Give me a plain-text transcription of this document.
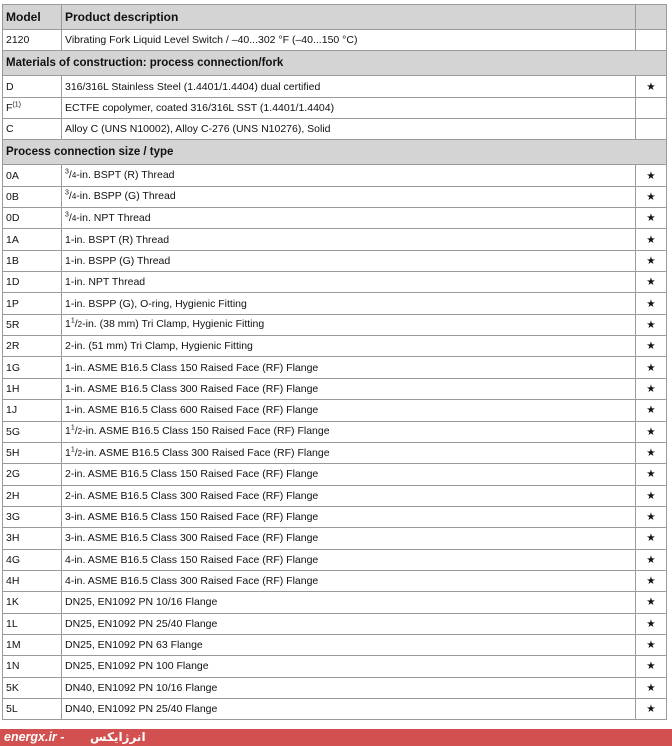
Model	Product description	
2120	Vibrating Fork Liquid Level Switch / –40...302 °F (–40...150 °C)	
Materials of construction: process connection/fork		
D	316/316L Stainless Steel (1.4401/1.4404) dual certified	★
$F^{(1)}$	ECTFE copolymer, coated 316/316L SST (1.4401/1.4404)	
C	Alloy C (UNS N10002), Alloy C-276 (UNS N10276), Solid	
Process connection size / type		
0A	$^3$/4-in. BSPT (R) Thread	★
0B	$^3$/4-in. BSPP (G) Thread	★
0D	$^3$/4-in. NPT Thread	★
1A	1-in. BSPT (R) Thread	★
1B	1-in. BSPP (G) Thread	★
1D	1-in. NPT Thread	★
1P	1-in. BSPP (G), O-ring, Hygienic Fitting	★
5R	$1^1/2-in$. (38 mm) Tri Clamp, Hygienic Fitting	★
2R	2-in. (51 mm) Tri Clamp, Hygienic Fitting	★
1G	1-in. ASME B16.5 Class 150 Raised Face (RF) Flange	★
1H	1-in. ASME B16.5 Class 300 Raised Face (RF) Flange	★
1J	1-in. ASME B16.5 Class 600 Raised Face (RF) Flange	★
5G	$1^1/2-in$. ASME B16.5 Class 150 Raised Face (RF) Flange	★
5H	$1^1/2-in$. ASME B16.5 Class 300 Raised Face (RF) Flange	★
2G	2-in. ASME B16.5 Class 150 Raised Face (RF) Flange	★
2H	2-in. ASME B16.5 Class 300 Raised Face (RF) Flange	★
3G	3-in. ASME B16.5 Class 150 Raised Face (RF) Flange	★
3H	3-in. ASME B16.5 Class 300 Raised Face (RF) Flange	★
4G	4-in. ASME B16.5 Class 150 Raised Face (RF) Flange	★
4H	4-in. ASME B16.5 Class 300 Raised Face (RF) Flange	★
1K	DN25, EN1092 PN 10/16 Flange	★
1L	DN25, EN1092 PN 25/40 Flange	★
1M	DN25, EN1092 PN 63 Flange	★
1N	DN25, EN1092 PN 100 Flange	★
5K	DN40, EN1092 PN 10/16 Flange	★
5L	DN40, EN1092 PN 25/40 Flange	★
energx.ir - انرژایکس
